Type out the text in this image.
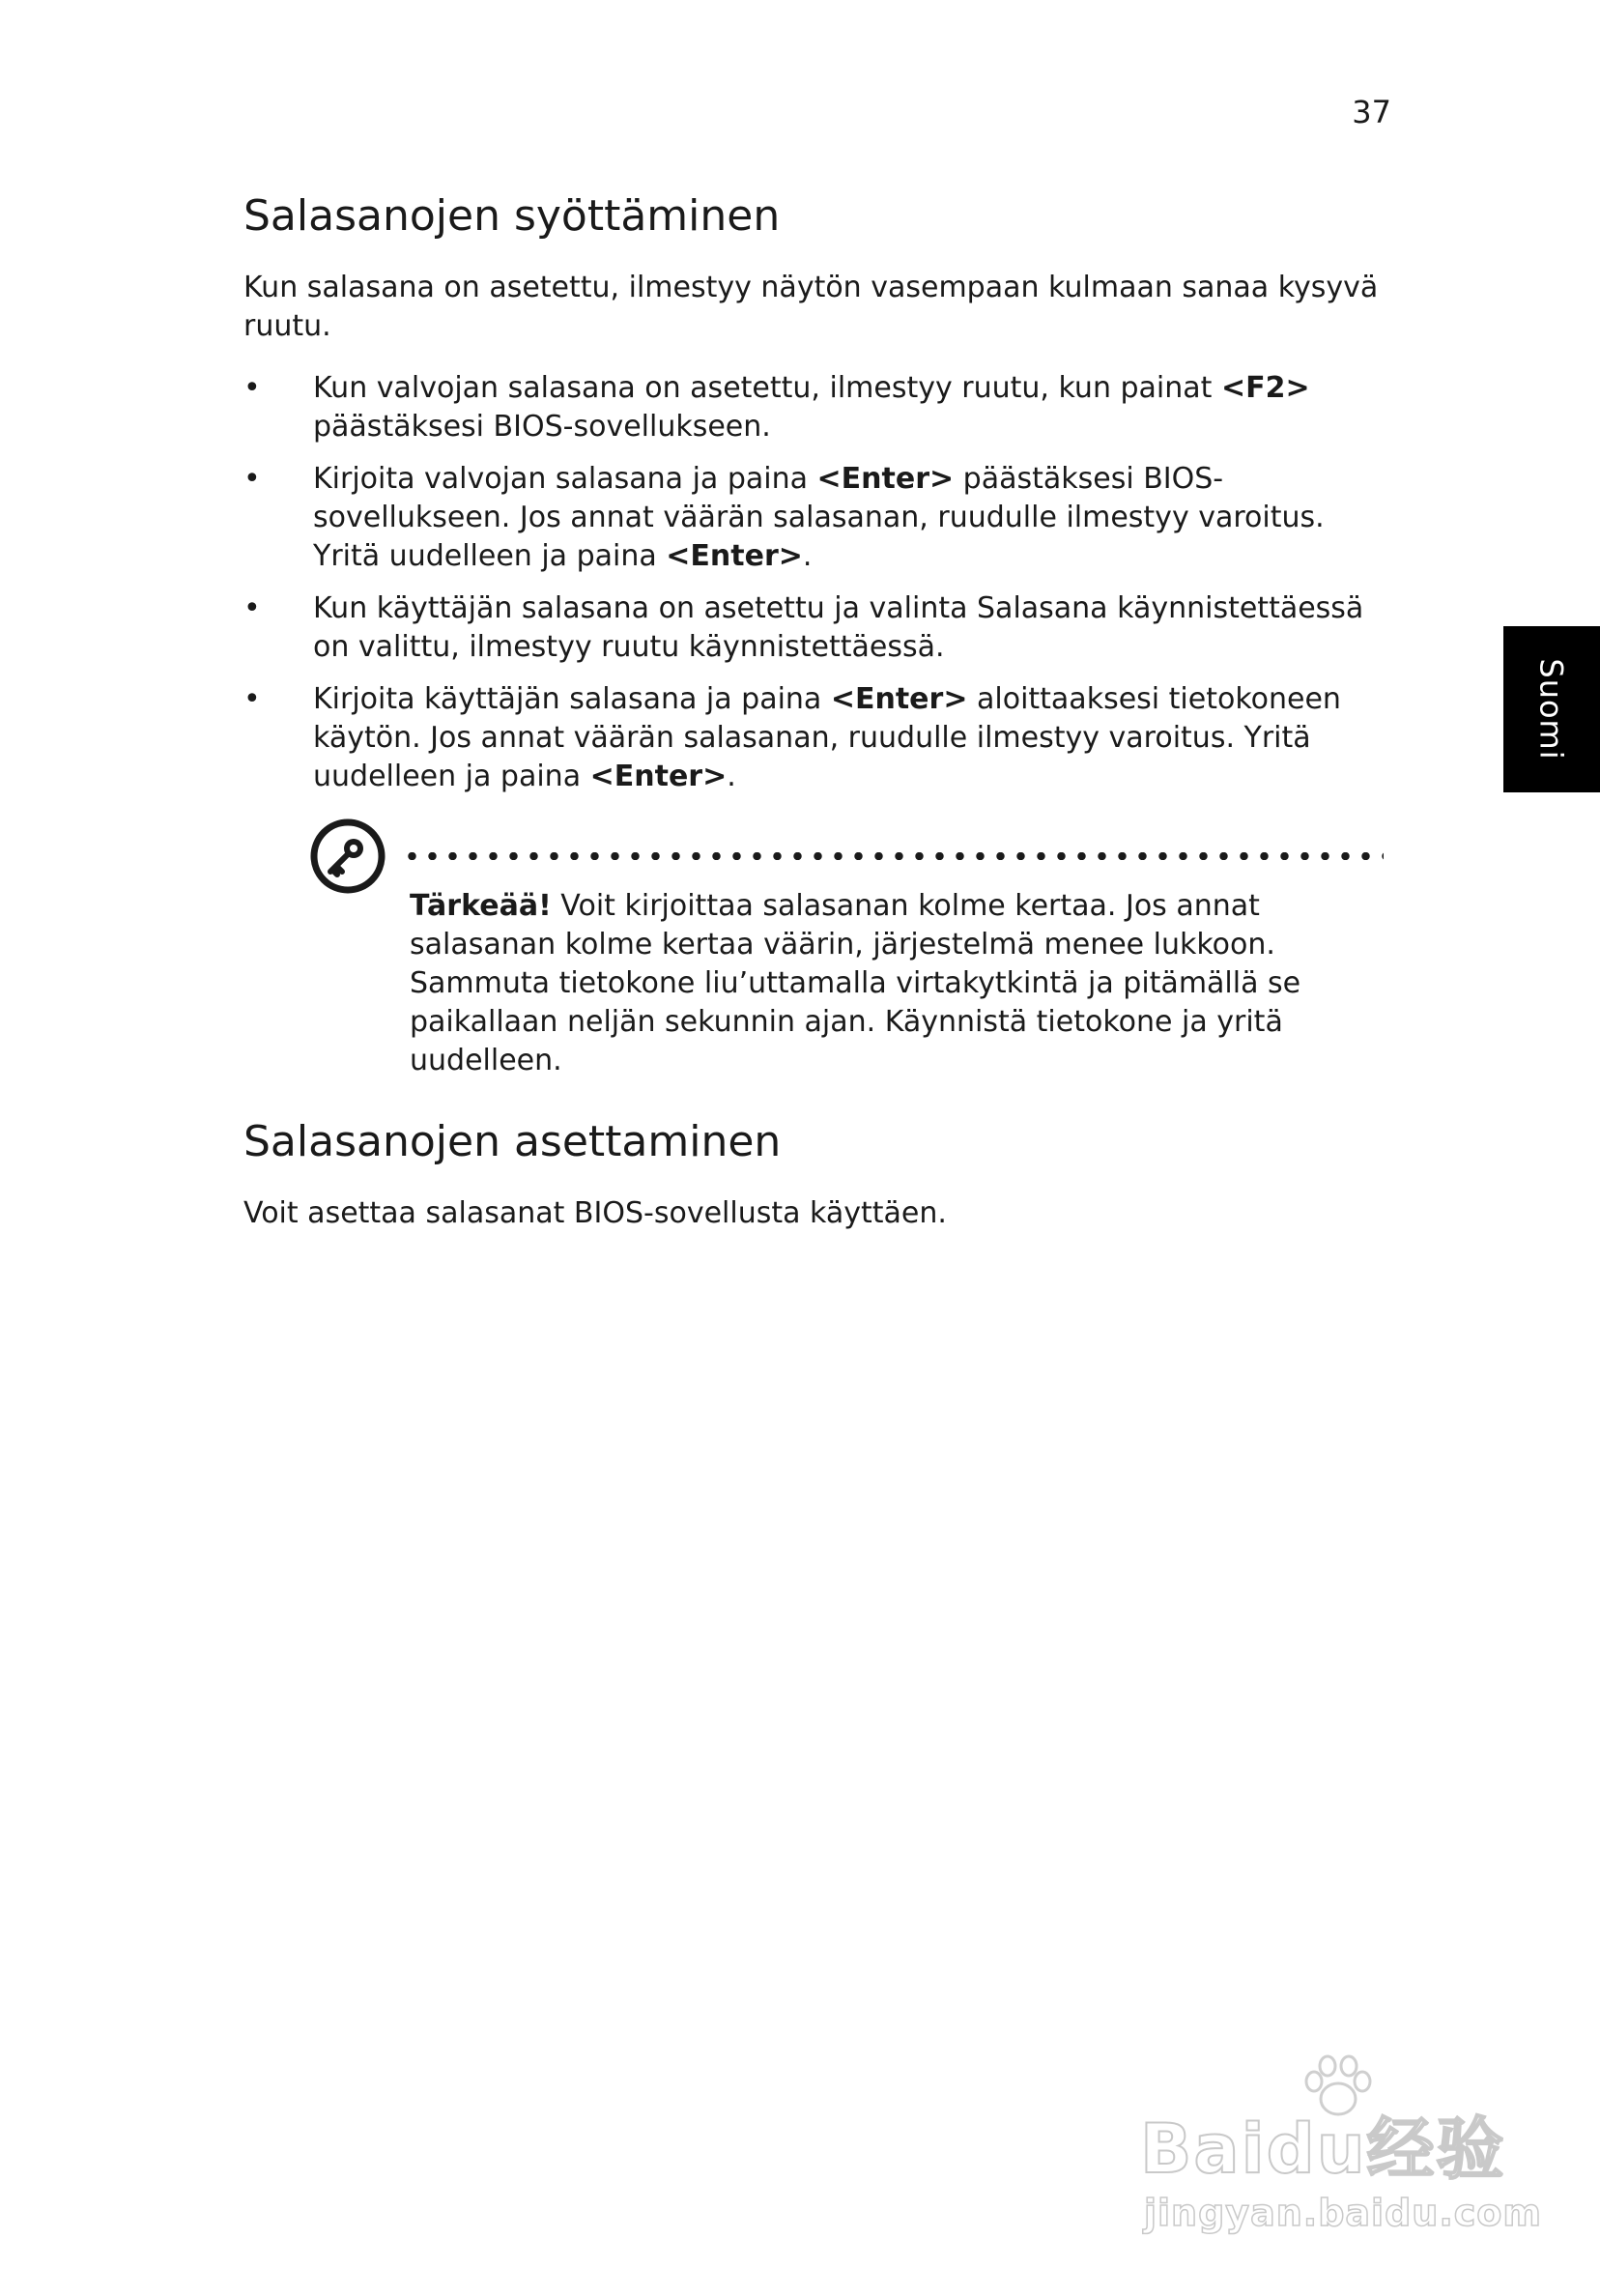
37
Suomi
Salasanojen syöttäminen

Kun salasana on asetettu, ilmestyy näytön vasempaan kulmaan sanaa kysyvä ruutu.

• Kun valvojan salasana on asetettu, ilmestyy ruutu, kun painat <F2> päästäksesi BIOS-sovellukseen.
• Kirjoita valvojan salasana ja paina <Enter> päästäksesi BIOS-sovellukseen. Jos annat väärän salasanan, ruudulle ilmestyy varoitus. Yritä uudelleen ja paina <Enter>.
• Kun käyttäjän salasana on asetettu ja valinta Salasana käynnistettäessä on valittu, ilmestyy ruutu käynnistettäessä.
• Kirjoita käyttäjän salasana ja paina <Enter> aloittaaksesi tietokoneen käytön. Jos annat väärän salasanan, ruudulle ilmestyy varoitus. Yritä uudelleen ja paina <Enter>.

Tärkeää! Voit kirjoittaa salasanan kolme kertaa. Jos annat salasanan kolme kertaa väärin, järjestelmä menee lukkoon. Sammuta tietokone liu’uttamalla virtakytkintä ja pitämällä se paikallaan neljän sekunnin ajan. Käynnistä tietokone ja yritä uudelleen.

Salasanojen asettaminen

Voit asettaa salasanat BIOS-sovellusta käyttäen.

Baidu经验
jingyan.baidu.com
